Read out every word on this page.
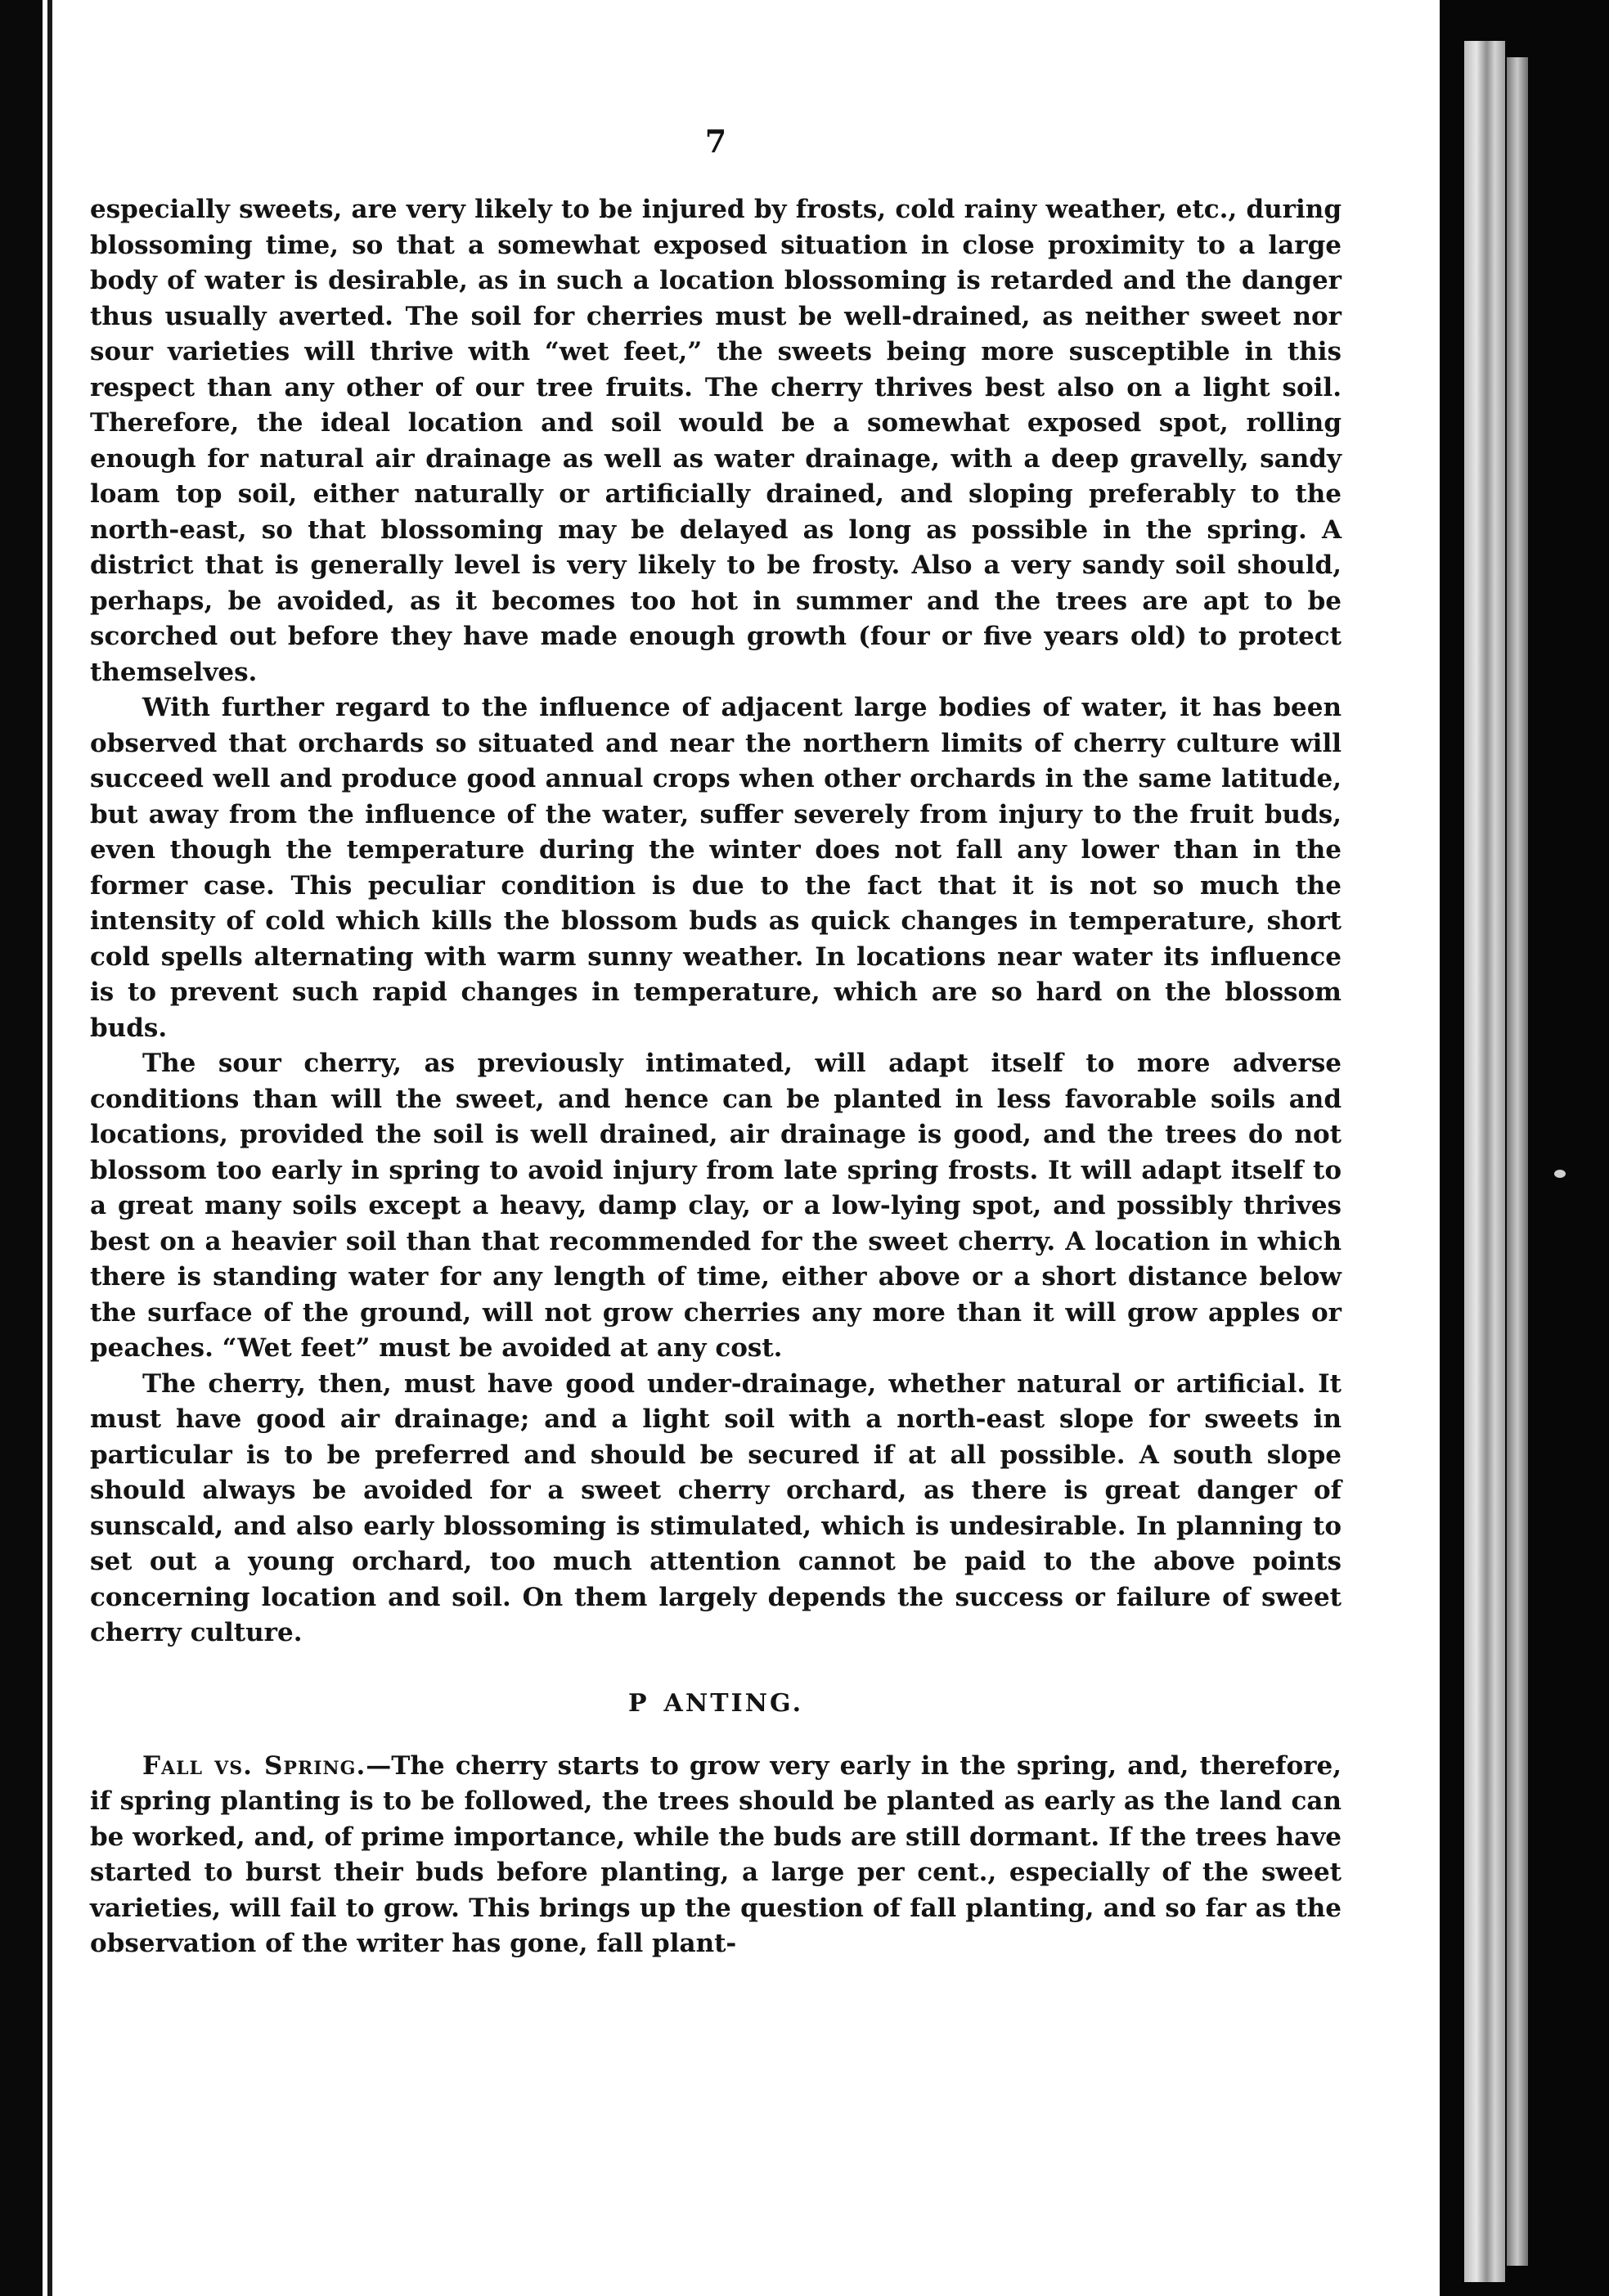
7

especially sweets, are very likely to be injured by frosts, cold rainy weather, etc., during blossoming time, so that a somewhat exposed situation in close proximity to a large body of water is desirable, as in such a location blossoming is retarded and the danger thus usually averted. The soil for cherries must be well-drained, as neither sweet nor sour varieties will thrive with “wet feet,” the sweets being more susceptible in this respect than any other of our tree fruits. The cherry thrives best also on a light soil. Therefore, the ideal location and soil would be a somewhat exposed spot, rolling enough for natural air drainage as well as water drainage, with a deep gravelly, sandy loam top soil, either naturally or artificially drained, and sloping preferably to the north-east, so that blossoming may be delayed as long as possible in the spring. A district that is generally level is very likely to be frosty. Also a very sandy soil should, perhaps, be avoided, as it becomes too hot in summer and the trees are apt to be scorched out before they have made enough growth (four or five years old) to protect themselves.

With further regard to the influence of adjacent large bodies of water, it has been observed that orchards so situated and near the northern limits of cherry culture will succeed well and produce good annual crops when other orchards in the same latitude, but away from the influence of the water, suffer severely from injury to the fruit buds, even though the temperature during the winter does not fall any lower than in the former case. This peculiar condition is due to the fact that it is not so much the intensity of cold which kills the blossom buds as quick changes in temperature, short cold spells alternating with warm sunny weather. In locations near water its influence is to prevent such rapid changes in temperature, which are so hard on the blossom buds.

The sour cherry, as previously intimated, will adapt itself to more adverse conditions than will the sweet, and hence can be planted in less favorable soils and locations, provided the soil is well drained, air drainage is good, and the trees do not blossom too early in spring to avoid injury from late spring frosts. It will adapt itself to a great many soils except a heavy, damp clay, or a low-lying spot, and possibly thrives best on a heavier soil than that recommended for the sweet cherry. A location in which there is standing water for any length of time, either above or a short distance below the surface of the ground, will not grow cherries any more than it will grow apples or peaches. “Wet feet” must be avoided at any cost.

The cherry, then, must have good under-drainage, whether natural or artificial. It must have good air drainage; and a light soil with a north-east slope for sweets in particular is to be preferred and should be secured if at all possible. A south slope should always be avoided for a sweet cherry orchard, as there is great danger of sunscald, and also early blossoming is stimulated, which is undesirable. In planning to set out a young orchard, too much attention cannot be paid to the above points concerning location and soil. On them largely depends the success or failure of sweet cherry culture.

P ANTING.

Fall vs. Spring.—The cherry starts to grow very early in the spring, and, therefore, if spring planting is to be followed, the trees should be planted as early as the land can be worked, and, of prime importance, while the buds are still dormant. If the trees have started to burst their buds before planting, a large per cent., especially of the sweet varieties, will fail to grow. This brings up the question of fall planting, and so far as the observation of the writer has gone, fall plant-
